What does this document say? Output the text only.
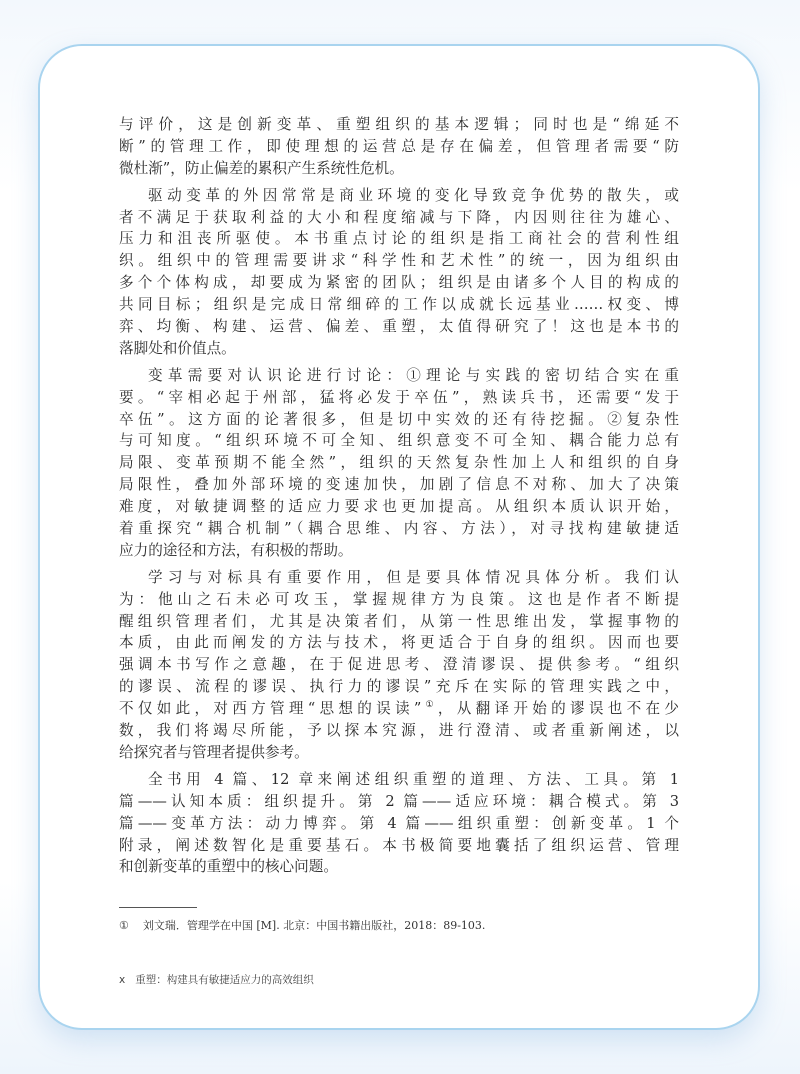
与评价，这是创新变革、重塑组织的基本逻辑；同时也是“绵延不
断”的管理工作，即使理想的运营总是存在偏差，但管理者需要“防
微杜渐”，防止偏差的累积产生系统性危机。
驱动变革的外因常常是商业环境的变化导致竞争优势的散失，或
者不满足于获取利益的大小和程度缩减与下降，内因则往往为雄心、
压力和沮丧所驱使。本书重点讨论的组织是指工商社会的营利性组
织。组织中的管理需要讲求“科学性和艺术性”的统一，因为组织由
多个个体构成，却要成为紧密的团队；组织是由诸多个人目的构成的
共同目标；组织是完成日常细碎的工作以成就长远基业……权变、博
弈、均衡、构建、运营、偏差、重塑，太值得研究了！这也是本书的
落脚处和价值点。
变革需要对认识论进行讨论：①理论与实践的密切结合实在重
要。“宰相必起于州部，猛将必发于卒伍”，熟读兵书，还需要“发于
卒伍”。这方面的论著很多，但是切中实效的还有待挖掘。②复杂性
与可知度。“组织环境不可全知、组织意变不可全知、耦合能力总有
局限、变革预期不能全然”，组织的天然复杂性加上人和组织的自身
局限性，叠加外部环境的变速加快，加剧了信息不对称、加大了决策
难度，对敏捷调整的适应力要求也更加提高。从组织本质认识开始，
着重探究“耦合机制”（耦合思维、内容、方法），对寻找构建敏捷适
应力的途径和方法，有积极的帮助。
学习与对标具有重要作用，但是要具体情况具体分析。我们认
为：他山之石未必可攻玉，掌握规律方为良策。这也是作者不断提
醒组织管理者们，尤其是决策者们，从第一性思维出发，掌握事物的
本质，由此而阐发的方法与技术，将更适合于自身的组织。因而也要
强调本书写作之意趣，在于促进思考、澄清谬误、提供参考。“组织
的谬误、流程的谬误、执行力的谬误”充斥在实际的管理实践之中，
不仅如此，对西方管理“思想的误读”①，从翻译开始的谬误也不在少
数，我们将竭尽所能，予以探本究源，进行澄清、或者重新阐述，以
给探究者与管理者提供参考。
全书用 4 篇、12 章来阐述组织重塑的道理、方法、工具。第 1
篇——认知本质：组织提升。第 2 篇——适应环境：耦合模式。第 3
篇——变革方法：动力博弈。第 4 篇——组织重塑：创新变革。1 个
附录，阐述数智化是重要基石。本书极简要地囊括了组织运营、管理
和创新变革的重塑中的核心问题。
① 刘文瑞．管理学在中国 [M]. 北京：中国书籍出版社，2018：89-103.
x 重塑：构建具有敏捷适应力的高效组织
